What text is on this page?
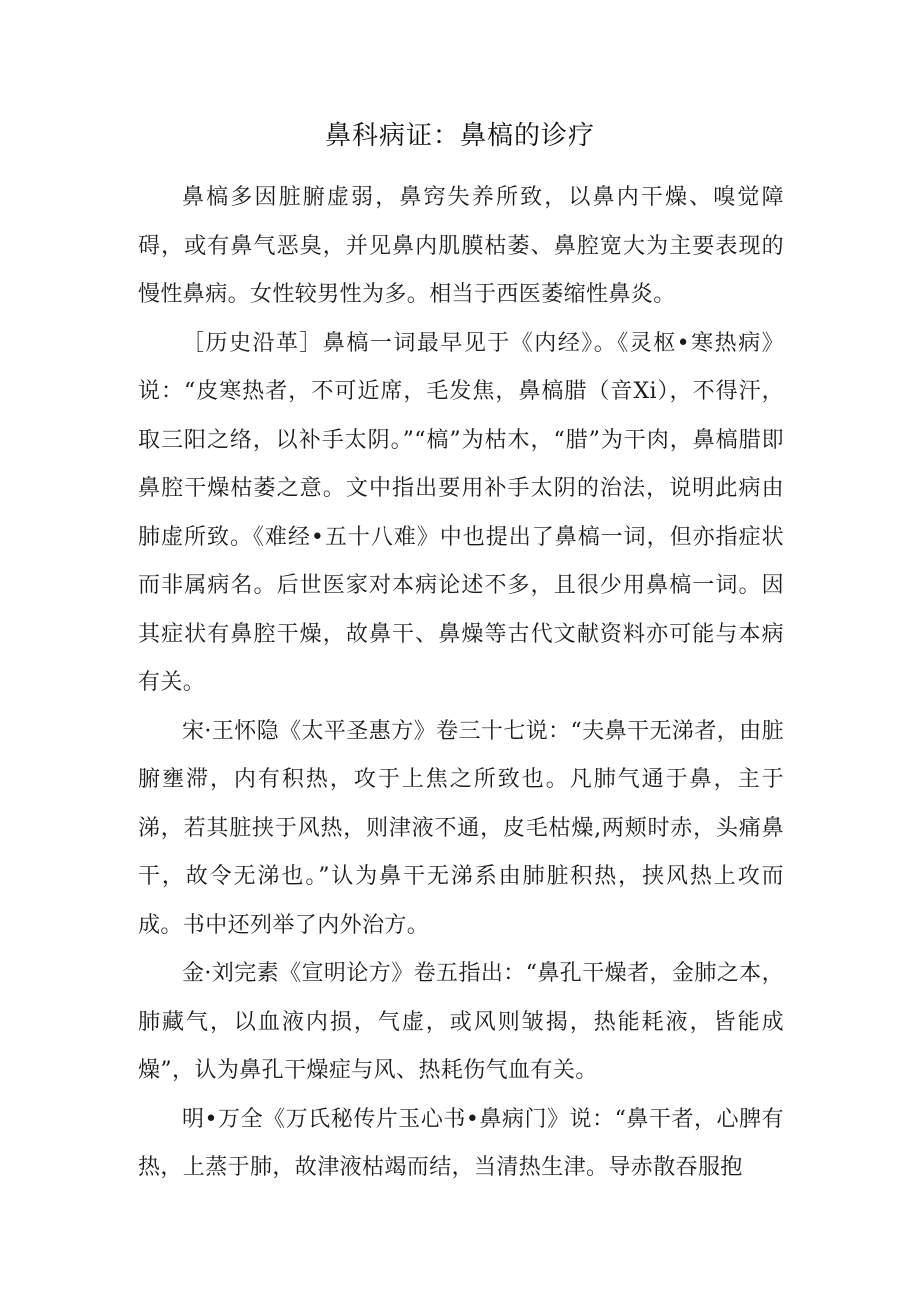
鼻科病证：鼻槁的诊疗

鼻槁多因脏腑虚弱，鼻窍失养所致，以鼻内干燥、嗅觉障碍，或有鼻气恶臭，并见鼻内肌膜枯萎、鼻腔宽大为主要表现的慢性鼻病。女性较男性为多。相当于西医萎缩性鼻炎。

［历史沿革］鼻槁一词最早见于《内经》。《灵枢•寒热病》说：“皮寒热者，不可近席，毛发焦，鼻槁腊（音Xi），不得汗，取三阳之络，以补手太阴。”“槁”为枯木，“腊”为干肉，鼻槁腊即鼻腔干燥枯萎之意。文中指出要用补手太阴的治法，说明此病由肺虚所致。《难经•五十八难》中也提出了鼻槁一词，但亦指症状而非属病名。后世医家对本病论述不多，且很少用鼻槁一词。因其症状有鼻腔干燥，故鼻干、鼻燥等古代文献资料亦可能与本病有关。

宋·王怀隐《太平圣惠方》卷三十七说：“夫鼻干无涕者，由脏腑壅滞，内有积热，攻于上焦之所致也。凡肺气通于鼻，主于涕，若其脏挟于风热，则津液不通，皮毛枯燥,两颊时赤，头痛鼻干，故令无涕也。”认为鼻干无涕系由肺脏积热，挟风热上攻而成。书中还列举了内外治方。

金·刘完素《宣明论方》卷五指出：“鼻孔干燥者，金肺之本，肺藏气，以血液内损，气虚，或风则皱揭，热能耗液，皆能成燥”，认为鼻孔干燥症与风、热耗伤气血有关。

明•万全《万氏秘传片玉心书•鼻病门》说：“鼻干者，心脾有热，上蒸于肺，故津液枯竭而结，当清热生津。导赤散吞服抱
